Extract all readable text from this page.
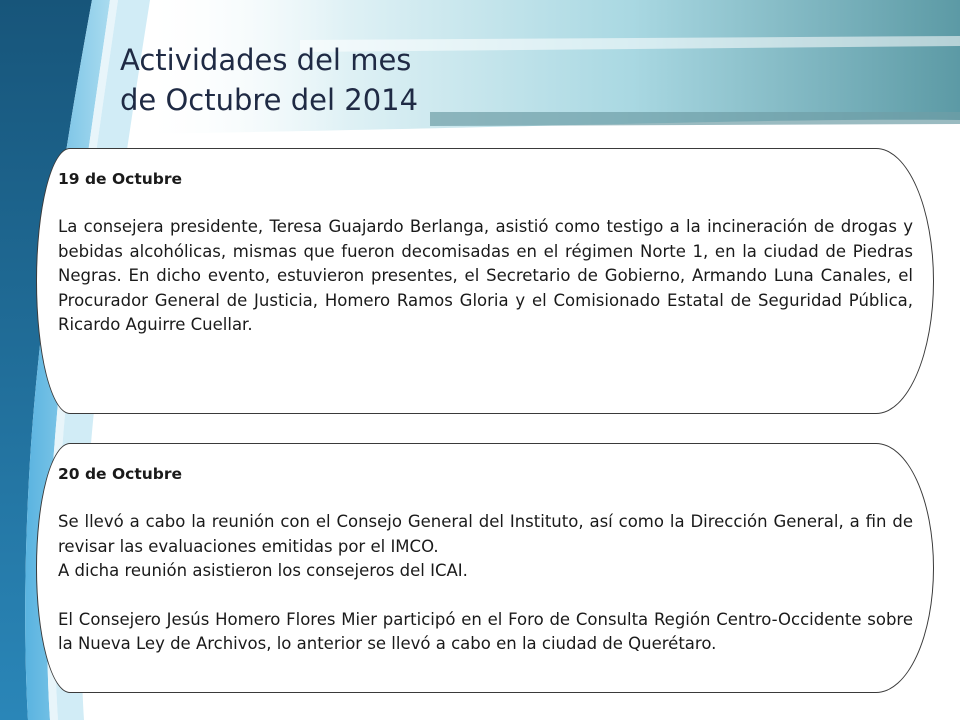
Actividades del mes
de Octubre del 2014

19 de Octubre

La consejera presidente, Teresa Guajardo Berlanga, asistió como testigo a la incineración de drogas y bebidas alcohólicas, mismas que fueron decomisadas en el régimen Norte 1, en la ciudad de Piedras Negras. En dicho evento, estuvieron presentes, el Secretario de Gobierno, Armando Luna Canales, el Procurador General de Justicia, Homero Ramos Gloria y el Comisionado Estatal de Seguridad Pública, Ricardo Aguirre Cuellar.

20 de Octubre

Se llevó a cabo la reunión con el Consejo General del Instituto, así como la Dirección General, a fin de revisar las evaluaciones emitidas por el IMCO.

A dicha reunión asistieron los consejeros del ICAI.

El Consejero Jesús Homero Flores Mier participó en el Foro de Consulta Región Centro-Occidente sobre la Nueva Ley de Archivos, lo anterior se llevó a cabo en la ciudad de Querétaro.
